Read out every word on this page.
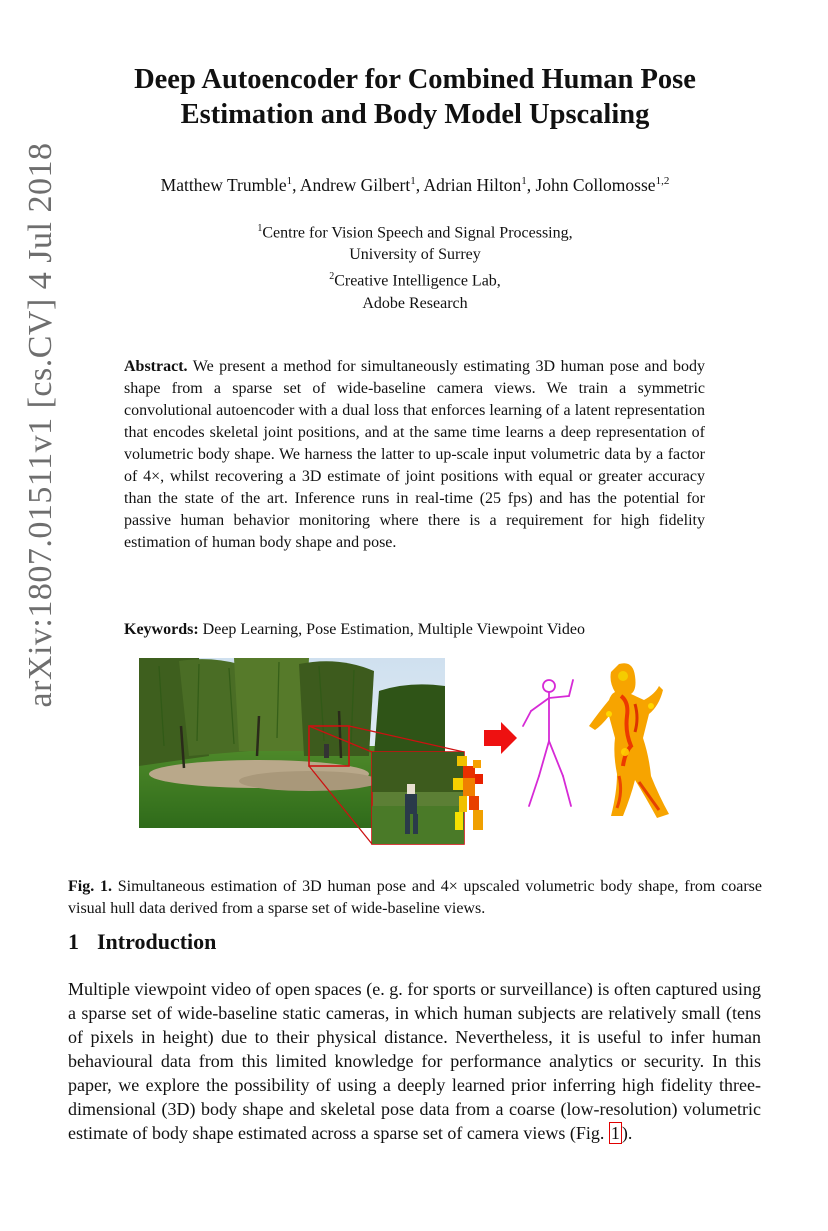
arXiv:1807.01511v1 [cs.CV] 4 Jul 2018
Deep Autoencoder for Combined Human Pose
Estimation and Body Model Upscaling
Matthew Trumble$^1$, Andrew Gilbert$^1$, Adrian Hilton$^1$, John Collomosse$^{1,2}$
$^1$Centre for Vision Speech and Signal Processing,
University of Surrey
$^2$Creative Intelligence Lab,
Adobe Research
Abstract. We present a method for simultaneously estimating 3D human pose and body shape from a sparse set of wide-baseline camera views. We train a symmetric convolutional autoencoder with a dual loss that enforces learning of a latent representation that encodes skeletal joint positions, and at the same time learns a deep representation of volumetric body shape. We harness the latter to up-scale input volumetric data by a factor of 4×, whilst recovering a 3D estimate of joint positions with equal or greater accuracy than the state of the art. Inference runs in real-time (25 fps) and has the potential for passive human behavior monitoring where there is a requirement for high fidelity estimation of human body shape and pose.
Keywords: Deep Learning, Pose Estimation, Multiple Viewpoint Video
Fig. 1. Simultaneous estimation of 3D human pose and 4× upscaled volumetric body shape, from coarse visual hull data derived from a sparse set of wide-baseline views.
1 Introduction
Multiple viewpoint video of open spaces (e. g. for sports or surveillance) is often captured using a sparse set of wide-baseline static cameras, in which human subjects are relatively small (tens of pixels in height) due to their physical distance. Nevertheless, it is useful to infer human behavioural data from this limited knowledge for performance analytics or security. In this paper, we explore the possibility of using a deeply learned prior inferring high fidelity three-dimensional (3D) body shape and skeletal pose data from a coarse (low-resolution) volumetric estimate of body shape estimated across a sparse set of camera views (Fig. 1 ).
